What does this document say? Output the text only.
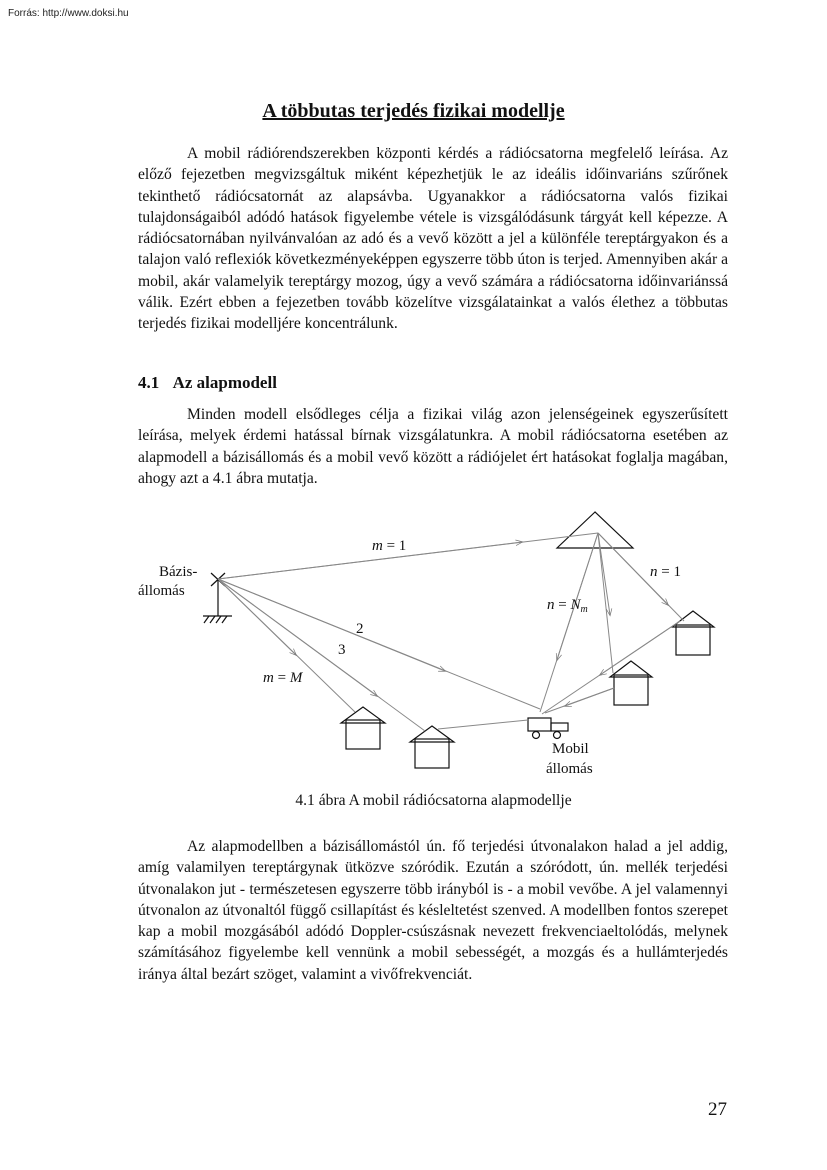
Forrás: http://www.doksi.hu
A többutas terjedés fizikai modellje

A mobil rádiórendszerekben központi kérdés a rádiócsatorna megfelelő leírása. Az előző fejezetben megvizsgáltuk miként képezhetjük le az ideális időinvariáns szűrőnek tekinthető rádiócsatornát az alapsávba. Ugyanakkor a rádiócsatorna valós fizikai tulajdonságaiból adódó hatások figyelembe vétele is vizsgálódásunk tárgyát kell képezze. A rádiócsatornában nyilvánvalóan az adó és a vevő között a jel a különféle tereptárgyakon és a talajon való reflexiók következményeképpen egyszerre több úton is terjed. Amennyiben akár a mobil, akár valamelyik tereptárgy mozog, úgy a vevő számára a rádiócsatorna időinvariánssá válik. Ezért ebben a fejezetben tovább közelítve vizsgálatainkat a valós élethez a többutas terjedés fizikai modelljére koncentrálunk.

4.1 Az alapmodell

Minden modell elsődleges célja a fizikai világ azon jelenségeinek egyszerűsített leírása, melyek érdemi hatással bírnak vizsgálatunkra. A mobil rádiócsatorna esetében az alapmodell a bázisállomás és a mobil vevő között a rádiójelet ért hatásokat foglalja magában, ahogy azt a 4.1 ábra mutatja.

Bázis-
állomás
m = 1
n = 1
$n = N_m$
2
3
m = M
Mobil
állomás
4.1 ábra A mobil rádiócsatorna alapmodellje

Az alapmodellben a bázisállomástól ún. fő terjedési útvonalakon halad a jel addig, amíg valamilyen tereptárgynak ütközve szóródik. Ezután a szóródott, ún. mellék terjedési útvonalakon jut - természetesen egyszerre több irányból is - a mobil vevőbe. A jel valamennyi útvonalon az útvonaltól függő csillapítást és késleltetést szenved. A modellben fontos szerepet kap a mobil mozgásából adódó Doppler-csúszásnak nevezett frekvenciaeltolódás, melynek számításához figyelembe kell vennünk a mobil sebességét, a mozgás és a hullámterjedés iránya által bezárt szöget, valamint a vivőfrekvenciát.

27
